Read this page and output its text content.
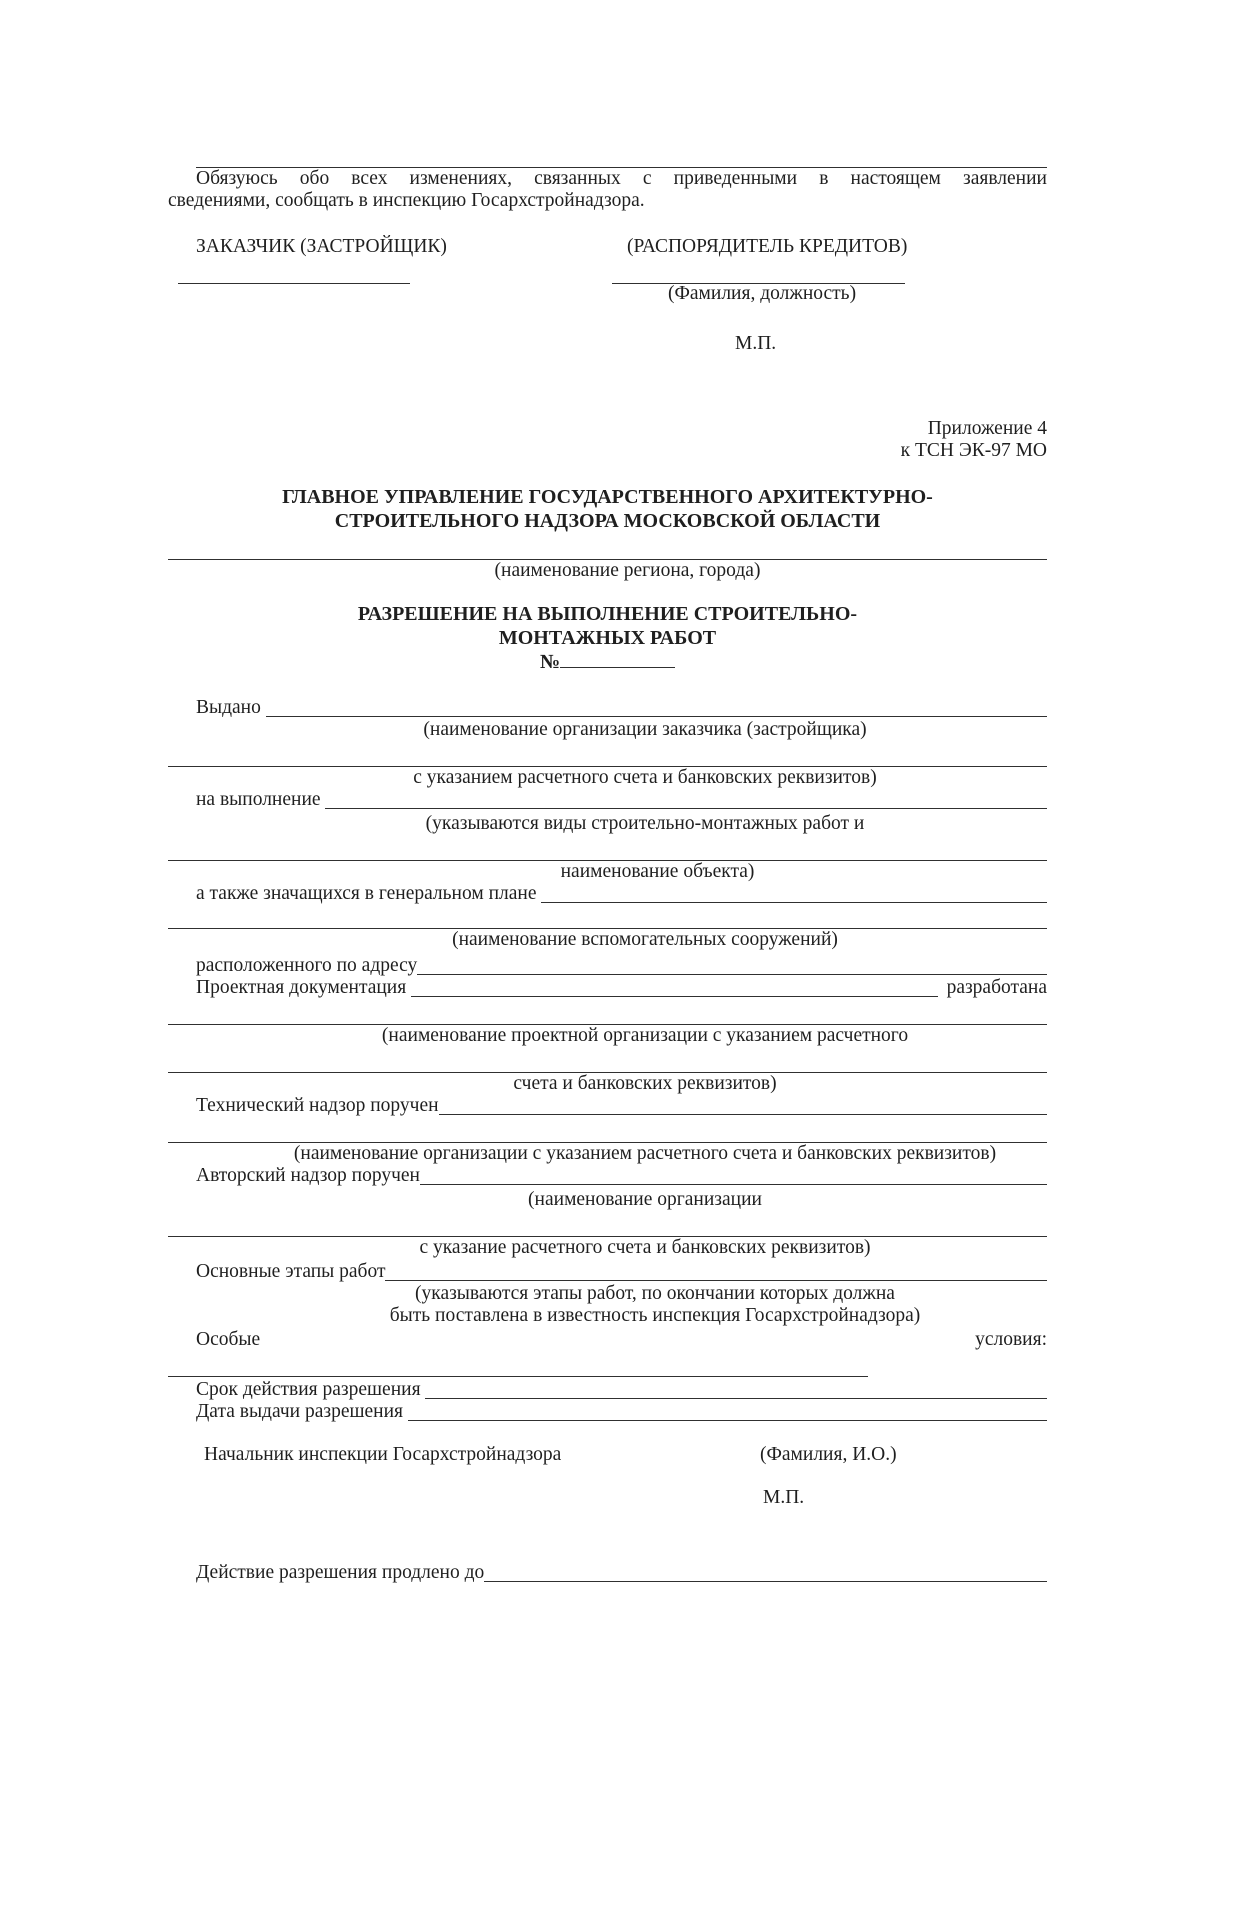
Обязуюсь обо всех изменениях, связанных с приведенными в настоящем заявлении
сведениями, сообщать в инспекцию Госархстройнадзора.
ЗАКАЗЧИК (ЗАСТРОЙЩИК)	(РАСПОРЯДИТЕЛЬ КРЕДИТОВ)
(Фамилия, должность)
М.П.
Приложение 4
к ТСН ЭК-97 МО
ГЛАВНОЕ УПРАВЛЕНИЕ ГОСУДАРСТВЕННОГО АРХИТЕКТУРНО-
СТРОИТЕЛЬНОГО НАДЗОРА МОСКОВСКОЙ ОБЛАСТИ
(наименование региона, города)
РАЗРЕШЕНИЕ НА ВЫПОЛНЕНИЕ СТРОИТЕЛЬНО-
МОНТАЖНЫХ РАБОТ
№
Выдано
(наименование организации заказчика (застройщика)
с указанием расчетного счета и банковских реквизитов)
на выполнение
(указываются виды строительно-монтажных работ и
наименование объекта)
а также значащихся в генеральном плане
(наименование вспомогательных сооружений)
расположенного по адресу
Проектная документация	разработана
(наименование проектной организации с указанием расчетного
счета и банковских реквизитов)
Технический надзор поручен
(наименование организации с указанием расчетного счета и банковских реквизитов)
Авторский надзор поручен
(наименование организации
с указание расчетного счета и банковских реквизитов)
Основные этапы работ
(указываются этапы работ, по окончании которых должна
быть поставлена в известность инспекция Госархстройнадзора)
Особые	условия:
Срок действия разрешения
Дата выдачи разрешения
Начальник инспекции Госархстройнадзора	(Фамилия, И.О.)
М.П.
Действие разрешения продлено до
